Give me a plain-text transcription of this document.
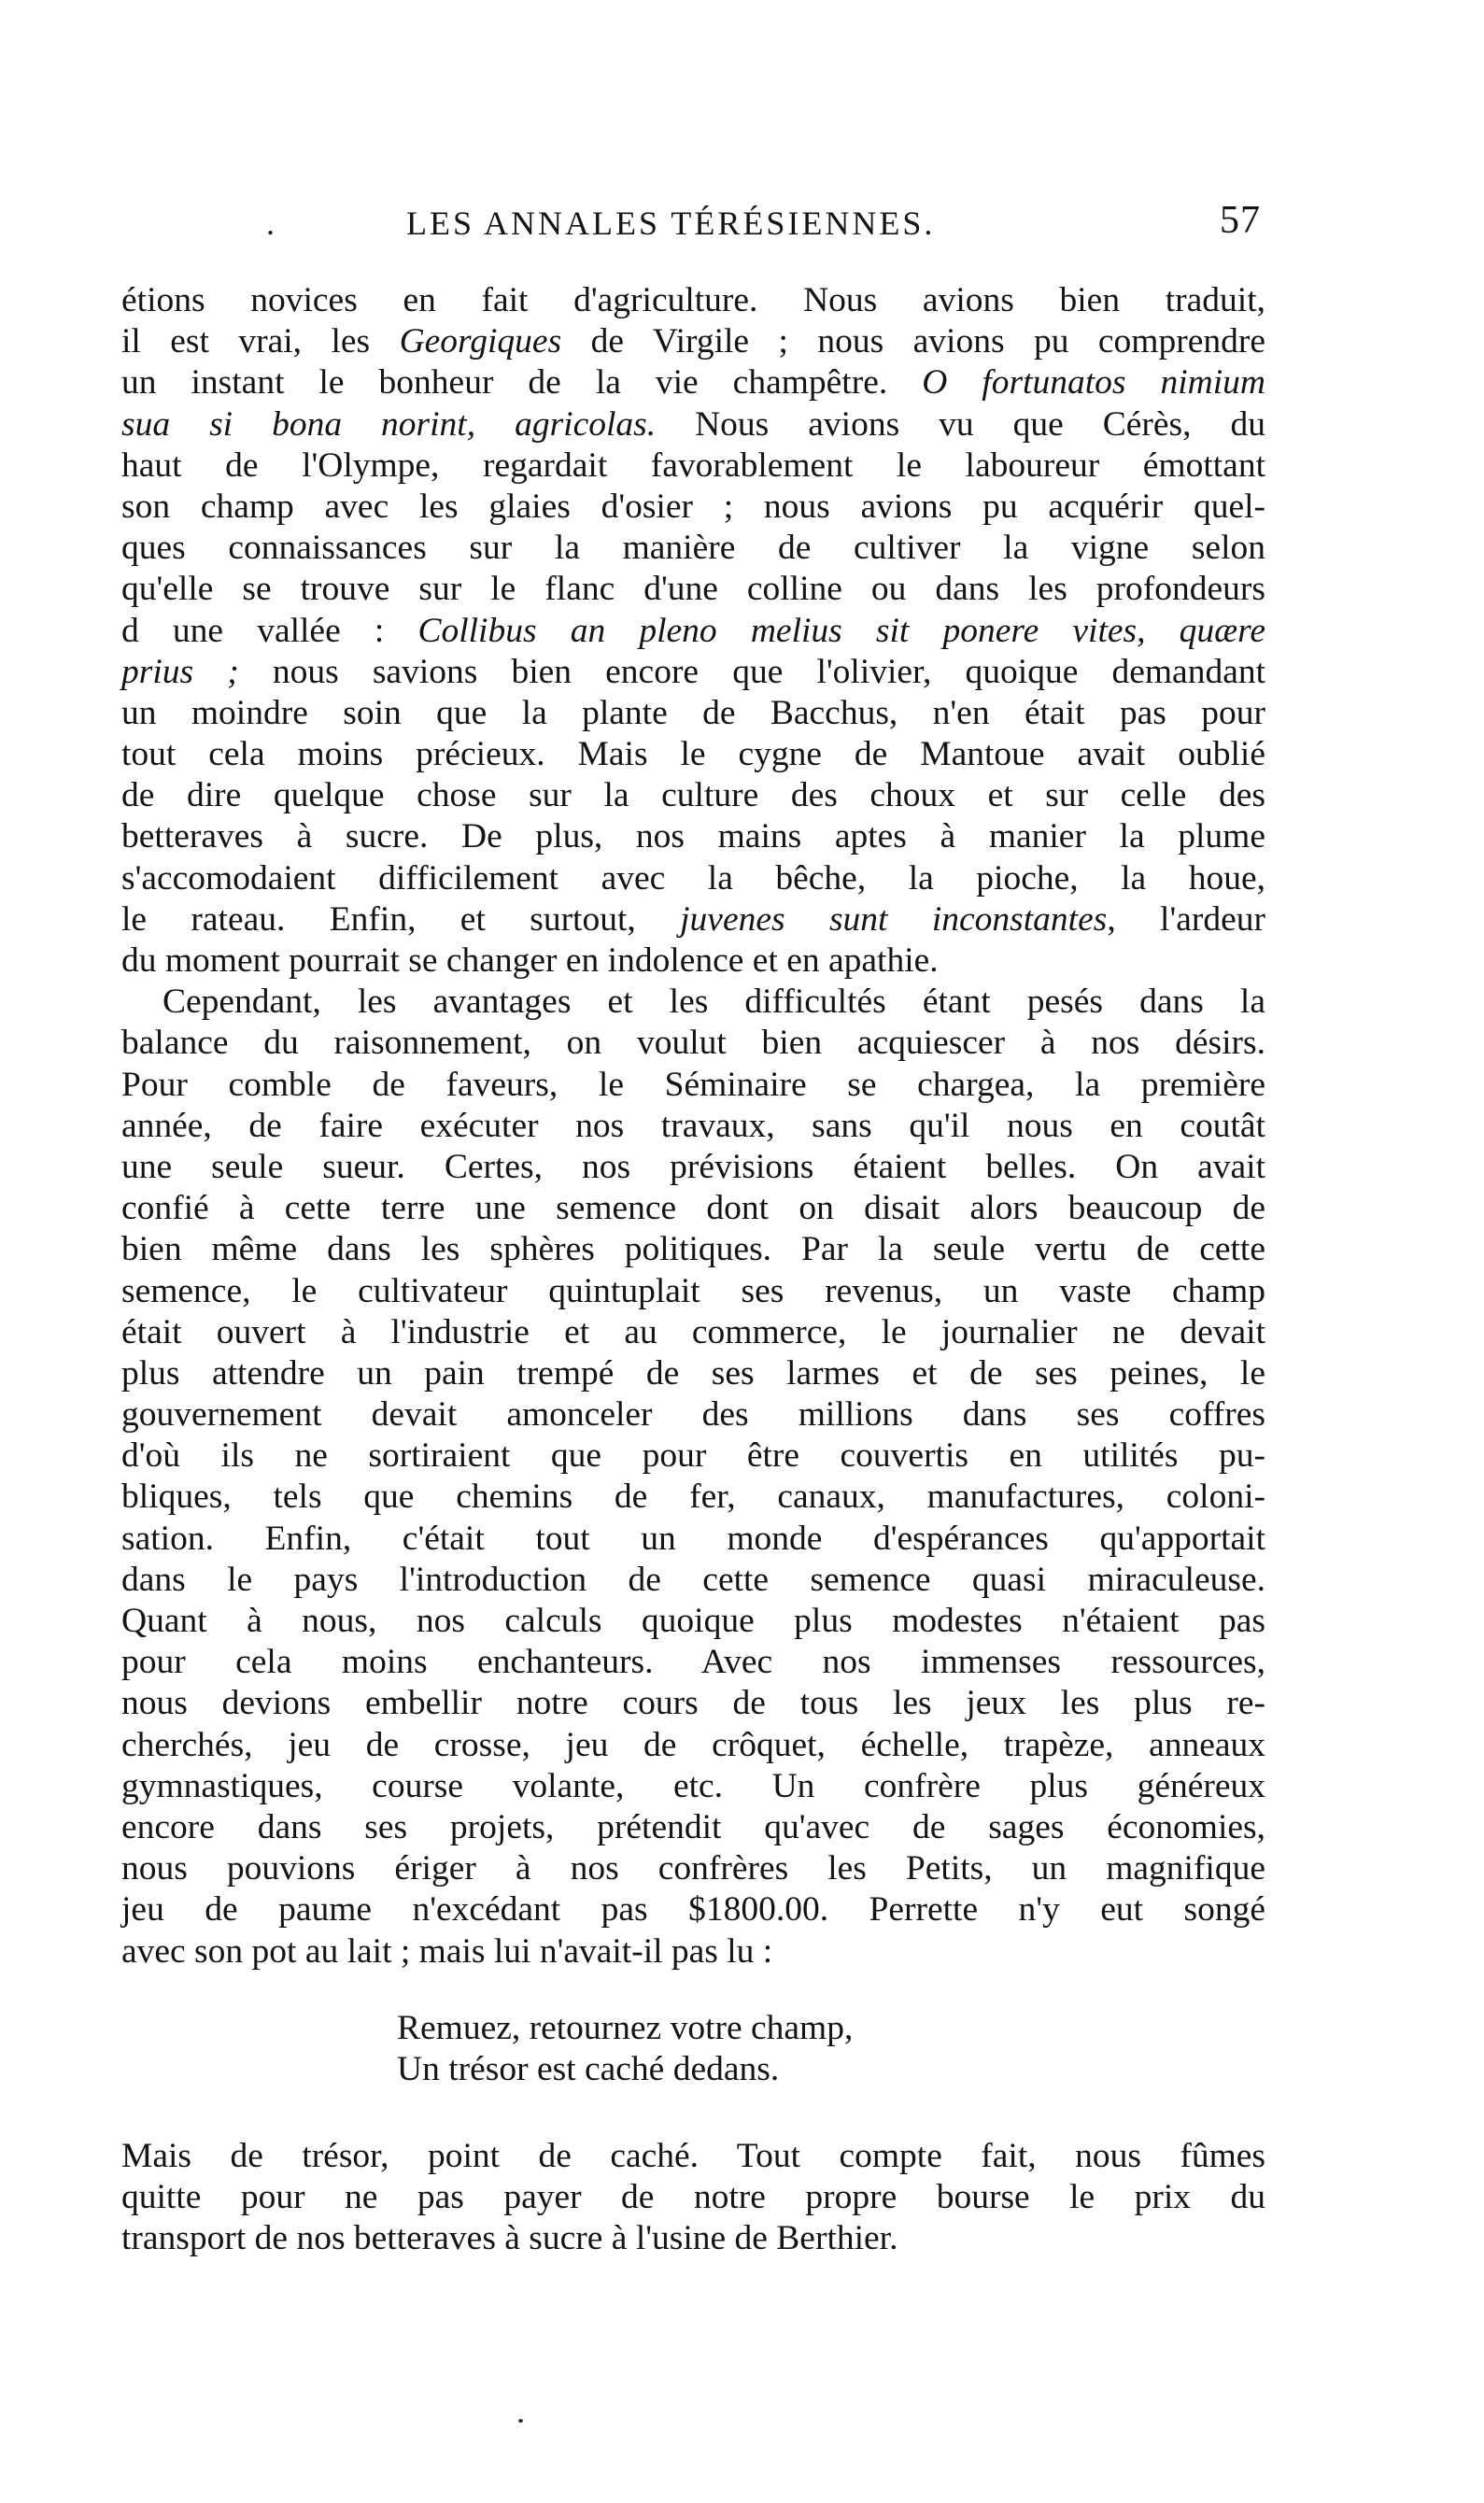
.	LES ANNALES TÉRÉSIENNES.	57
étions novices en fait d'agriculture. Nous avions bien traduit,
il est vrai, les Georgiques de Virgile ; nous avions pu comprendre
un instant le bonheur de la vie champêtre. O fortunatos nimium
sua si bona norint, agricolas. Nous avions vu que Cérès, du
haut de l'Olympe, regardait favorablement le laboureur émottant
son champ avec les glaies d'osier ; nous avions pu acquérir quel-
ques connaissances sur la manière de cultiver la vigne selon
qu'elle se trouve sur le flanc d'une colline ou dans les profondeurs
d une vallée : Collibus an pleno melius sit ponere vites, quære
prius ; nous savions bien encore que l'olivier, quoique demandant
un moindre soin que la plante de Bacchus, n'en était pas pour
tout cela moins précieux. Mais le cygne de Mantoue avait oublié
de dire quelque chose sur la culture des choux et sur celle des
betteraves à sucre. De plus, nos mains aptes à manier la plume
s'accomodaient difficilement avec la bêche, la pioche, la houe,
le rateau. Enfin, et surtout, juvenes sunt inconstantes, l'ardeur
du moment pourrait se changer en indolence et en apathie.
Cependant, les avantages et les difficultés étant pesés dans la
balance du raisonnement, on voulut bien acquiescer à nos désirs.
Pour comble de faveurs, le Séminaire se chargea, la première
année, de faire exécuter nos travaux, sans qu'il nous en coutât
une seule sueur. Certes, nos prévisions étaient belles. On avait
confié à cette terre une semence dont on disait alors beaucoup de
bien même dans les sphères politiques. Par la seule vertu de cette
semence, le cultivateur quintuplait ses revenus, un vaste champ
était ouvert à l'industrie et au commerce, le journalier ne devait
plus attendre un pain trempé de ses larmes et de ses peines, le
gouvernement devait amonceler des millions dans ses coffres
d'où ils ne sortiraient que pour être couvertis en utilités pu-
bliques, tels que chemins de fer, canaux, manufactures, coloni-
sation. Enfin, c'était tout un monde d'espérances qu'apportait
dans le pays l'introduction de cette semence quasi miraculeuse.
Quant à nous, nos calculs quoique plus modestes n'étaient pas
pour cela moins enchanteurs. Avec nos immenses ressources,
nous devions embellir notre cours de tous les jeux les plus re-
cherchés, jeu de crosse, jeu de crôquet, échelle, trapèze, anneaux
gymnastiques, course volante, etc. Un confrère plus généreux
encore dans ses projets, prétendit qu'avec de sages économies,
nous pouvions ériger à nos confrères les Petits, un magnifique
jeu de paume n'excédant pas $1800.00. Perrette n'y eut songé
avec son pot au lait ; mais lui n'avait-il pas lu :
Remuez, retournez votre champ,
Un trésor est caché dedans.
Mais de trésor, point de caché. Tout compte fait, nous fûmes
quitte pour ne pas payer de notre propre bourse le prix du
transport de nos betteraves à sucre à l'usine de Berthier.
